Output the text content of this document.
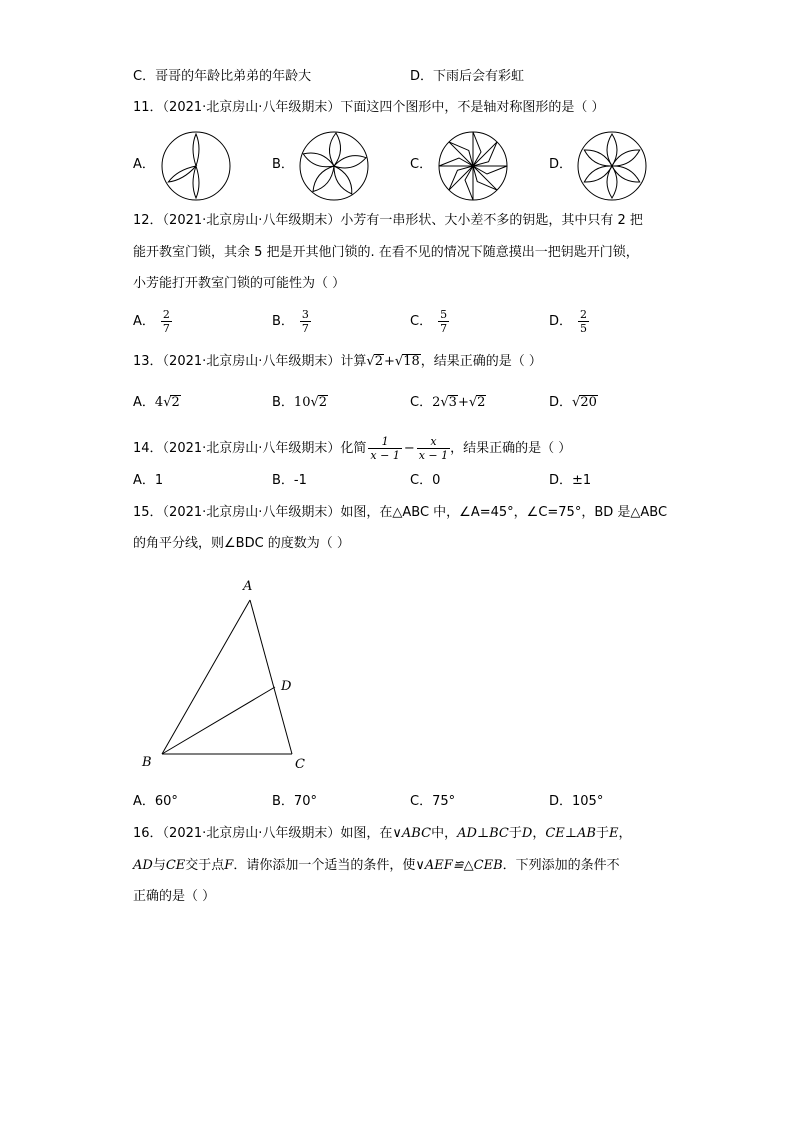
C．哥哥的年龄比弟弟的年龄大	D．下雨后会有彩虹
11．（2021·北京房山·八年级期末）下面这四个图形中，不是轴对称图形的是（ ）
A．	B．	C．	D．
12．（2021·北京房山·八年级期末）小芳有一串形状、大小差不多的钥匙，其中只有 2 把
能开教室门锁，其余 5 把是开其他门锁的. 在看不见的情况下随意摸出一把钥匙开门锁，
小芳能打开教室门锁的可能性为（ ）
A． $\frac{2}{7}$	B． $\frac{3}{7}$	C． $\frac{5}{7}$	D． $\frac{2}{5}$
13．（2021·北京房山·八年级期末）计算√2+√18，结果正确的是（ ）
A．4√2	B．10√2	C．2√3+√2	D．√20
14．（2021·北京房山·八年级期末）化简 $\frac{1}{x - 1} - \frac{x}{x - 1}$ ，结果正确的是（ ）
A．1	B．-1	C．0	D．±1
15．（2021·北京房山·八年级期末）如图，在△ABC 中，∠A=45°，∠C=75°，BD 是△ABC
的角平分线，则∠BDC 的度数为（ ）
A
B	C
D
A．60°	B．70°	C．75°	D．105°
16．（2021·北京房山·八年级期末）如图，在∨ABC中，AD⊥BC于D，CE⊥AB于E，
AD与CE交于点F．请你添加一个适当的条件，使∨AEF≌△CEB．下列添加的条件不
正确的是（ ）
